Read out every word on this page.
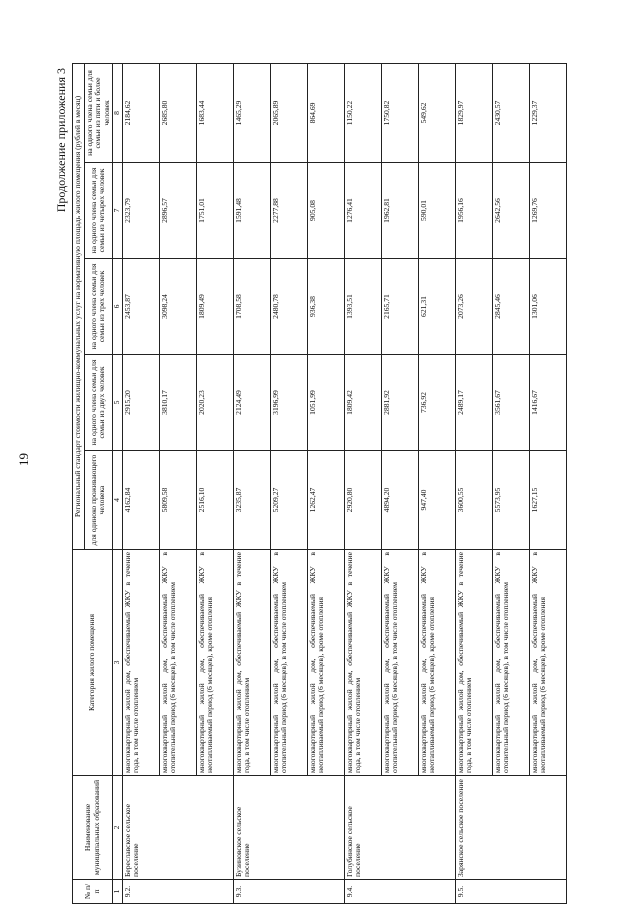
19
Продолжение приложения 3
№ п/п	Наименование муниципальных образований	Категория жилого помещения	Региональный стандарт стоимости жилищно-коммунальных услуг на нормативную площадь жилого помещения (рублей в месяц)				
			для одиноко проживающего человека	на одного члена семьи для семьи из двух человек	на одного члена семьи для семьи из трех человек	на одного члена семьи для семьи из четырех человек	на одного члена семьи для семьи из пяти и более человек
1	2	3	4	5	6	7	8
9.2.	Береславское сельское поселение	многоквартирный жилой дом, обеспечиваемый ЖКУ в течение года, в том числе отоплением	4162,84	2915,20	2453,87	2323,79	2184,62
		многоквартирный жилой дом, обеспечиваемый ЖКУ в отопительный период (6 месяцев), в том числе отоплением	5809,58	3810,17	3098,24	2896,57	2685,80
		многоквартирный жилой дом, обеспечиваемый ЖКУ в неотапливаемый период (6 месяцев), кроме отопления	2516,10	2020,23	1809,49	1751,01	1683,44
9.3.	Бузиновское сельское поселение	многоквартирный жилой дом, обеспечиваемый ЖКУ в течение года, в том числе отоплением	3235,87	2124,49	1708,58	1591,48	1465,29
		многоквартирный жилой дом, обеспечиваемый ЖКУ в отопительный период (6 месяцев), в том числе отоплением	5209,27	3196,99	2480,78	2277,88	2065,89
		многоквартирный жилой дом, обеспечиваемый ЖКУ в неотапливаемый период (6 месяцев), кроме отопления	1262,47	1051,99	936,38	905,08	864,69
9.4.	Голубинское сельское поселение	многоквартирный жилой дом, обеспечиваемый ЖКУ в течение года, в том числе отоплением	2920,80	1809,42	1393,51	1276,41	1150,22
		многоквартирный жилой дом, обеспечиваемый ЖКУ в отопительный период (6 месяцев), в том числе отоплением	4894,20	2881,92	2165,71	1962,81	1750,82
		многоквартирный жилой дом, обеспечиваемый ЖКУ в неотапливаемый период (6 месяцев), кроме отопления	947,40	736,92	621,31	590,01	549,62
9.5.	Зарянское сельское поселение	многоквартирный жилой дом, обеспечиваемый ЖКУ в течение года, в том числе отоплением	3600,55	2489,17	2073,26	1956,16	1829,97
		многоквартирный жилой дом, обеспечиваемый ЖКУ в отопительный период (6 месяцев), в том числе отоплением	5573,95	3561,67	2845,46	2642,56	2430,57
		многоквартирный жилой дом, обеспечиваемый ЖКУ в неотапливаемый период (6 месяцев), кроме отопления	1627,15	1416,67	1301,06	1269,76	1229,37
